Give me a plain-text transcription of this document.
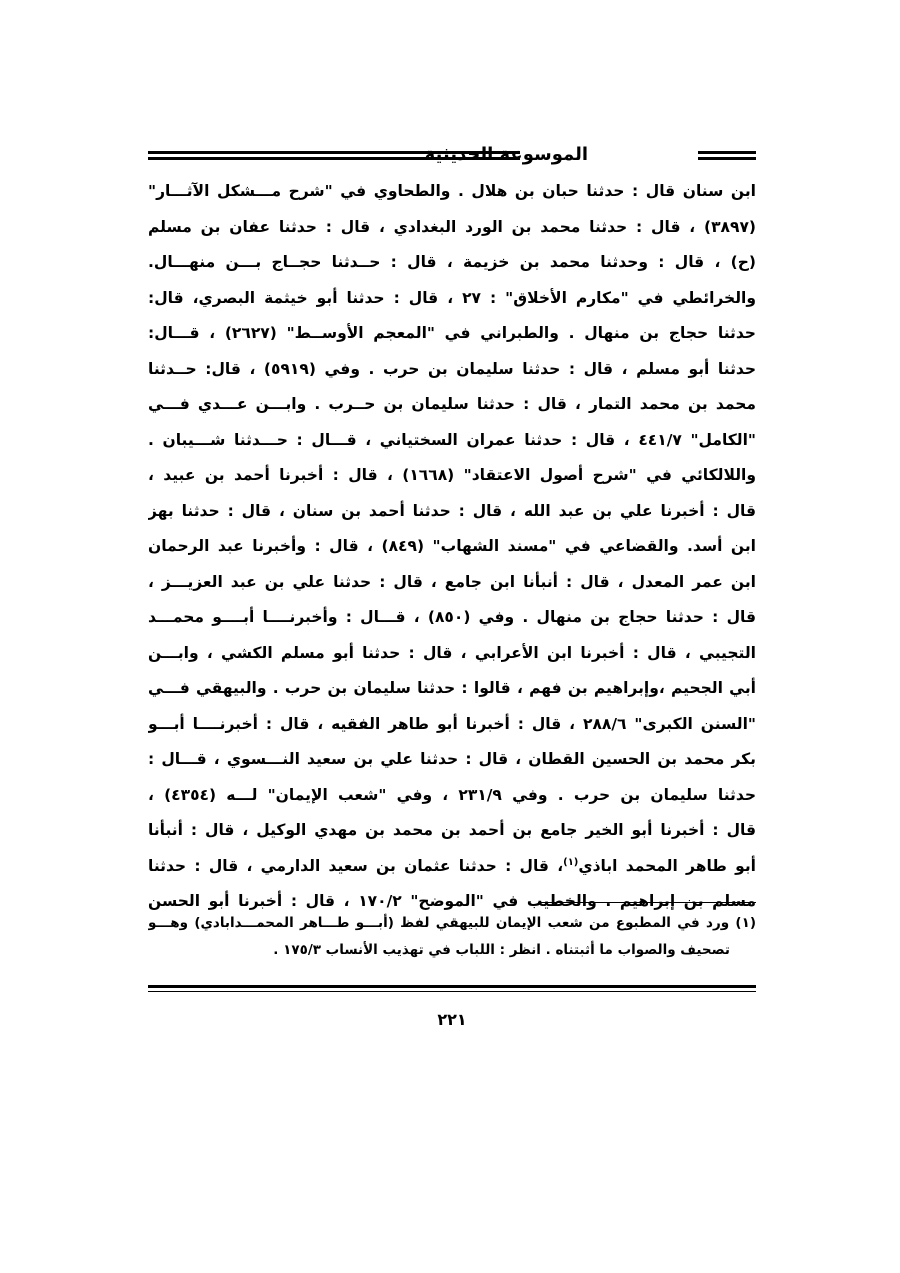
الموسوعة الحديثية
ابن سنان قال : حدثنا حبان بن هلال . والطحاوي في "شرح مـــشكل الآثـــار"
(٣٨٩٧) ، قال : حدثنا محمد بن الورد البغدادي ، قال : حدثنا عفان بن مسلم
(ح) ، قال : وحدثنا محمد بن خزيمة ، قال : حــدثنا حجــاج بـــن منهـــال.
والخرائطي في "مكارم الأخلاق" : ٢٧ ، قال : حدثنا أبو خيثمة البصري، قال:
حدثنا حجاج بن منهال . والطبراني في "المعجم الأوســط" (٢٦٢٧) ، قـــال:
حدثنا أبو مسلم ، قال : حدثنا سليمان بن حرب . وفي (٥٩١٩) ، قال: حــدثنا
محمد بن محمد التمار ، قال : حدثنا سليمان بن حــرب . وابـــن عـــدي فـــي
"الكامل" ٤٤١/٧ ، قال : حدثنا عمران السختياني ، قـــال : حـــدثنا شـــيبان .
واللالكائي في "شرح أصول الاعتقاد" (١٦٦٨) ، قال : أخبرنا أحمد بن عبيد ،
قال : أخبرنا علي بن عبد الله ، قال : حدثنا أحمد بن سنان ، قال : حدثنا بهز
ابن أسد. والقضاعي في "مسند الشهاب" (٨٤٩) ، قال : وأخبرنا عبد الرحمان
ابن عمر المعدل ، قال : أنبأنا ابن جامع ، قال : حدثنا علي بن عبد العزيـــز ،
قال : حدثنا حجاج بن منهال . وفي (٨٥٠) ، قـــال : وأخبرنــــا أبــــو محمـــد
التجيبي ، قال : أخبرنا ابن الأعرابي ، قال : حدثنا أبو مسلم الكشي ، وابـــن
أبي الجحيم ،وإبراهيم بن فهم ، قالوا : حدثنا سليمان بن حرب . والبيهقي فـــي
"السنن الكبرى" ٢٨٨/٦ ، قال : أخبرنا أبو طاهر الفقيه ، قال : أخبرنــــا أبـــو
بكر محمد بن الحسين القطان ، قال : حدثنا علي بن سعيد النـــسوي ، قـــال :
حدثنا سليمان بن حرب . وفي ٢٣١/٩ ، وفي "شعب الإيمان" لـــه (٤٣٥٤) ،
قال : أخبرنا أبو الخير جامع بن أحمد بن محمد بن مهدي الوكيل ، قال : أنبأنا
أبو طاهر المحمد اباذي$^{(١)}$، قال : حدثنا عثمان بن سعيد الدارمي ، قال : حدثنا
مسلم بن إبراهيم . والخطيب في "الموضح" ١٧٠/٢ ، قال : أخبرنا أبو الحسن
(١) ورد في المطبوع من شعب الإيمان للبيهقي لفظ (أبـــو طـــاهر المحمـــدابادي) وهـــو
تصحيف والصواب ما أثبتناه . انظر : اللباب في تهذيب الأنساب ١٧٥/٣ .
٢٢١
